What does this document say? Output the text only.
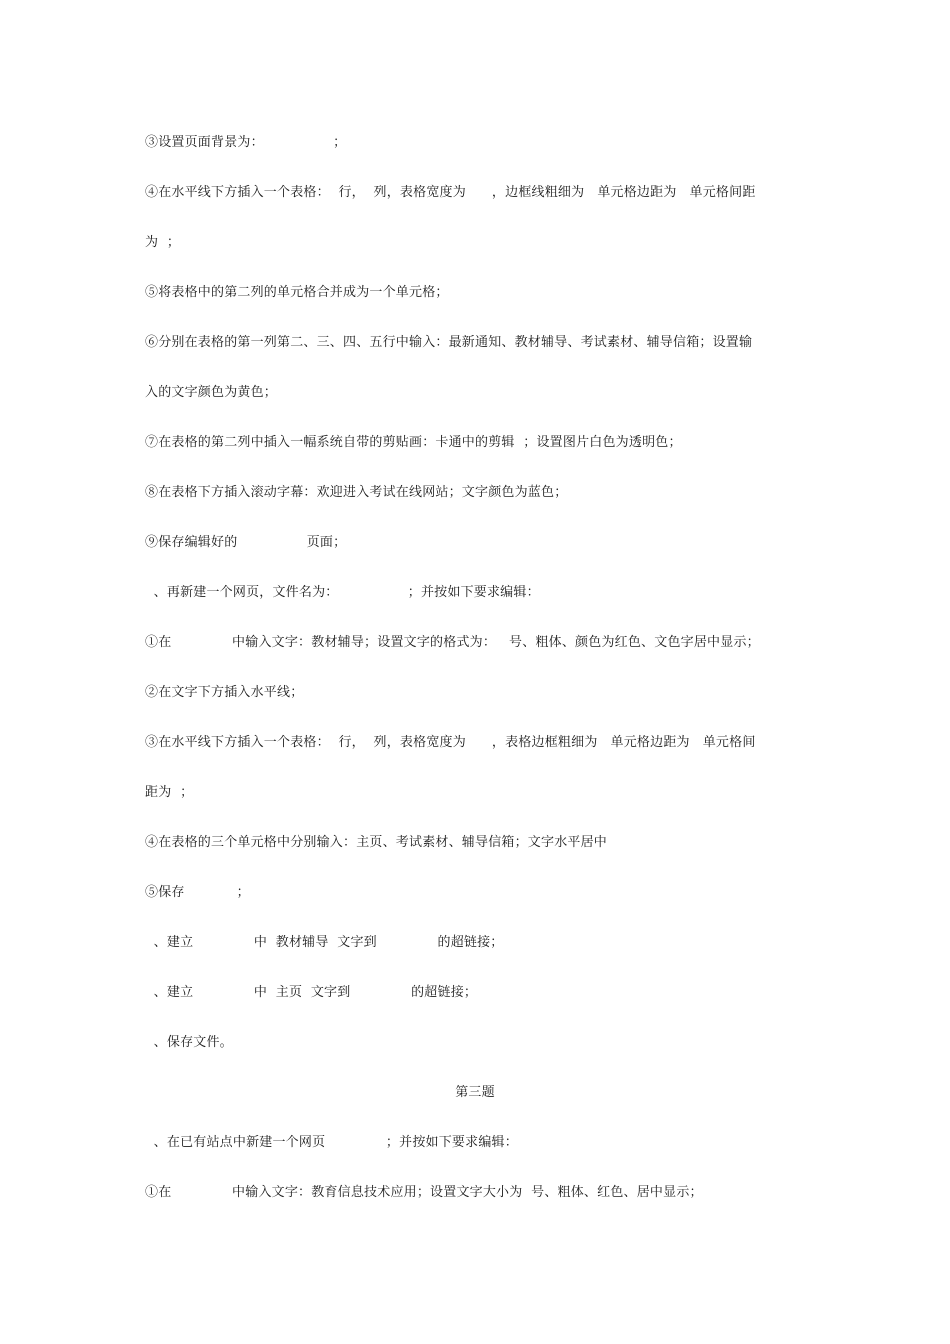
③设置页面背景为：                ；
④在水平线下方插入一个表格：  行，  列，表格宽度为      ，边框线粗细为   单元格边距为   单元格间距
为  ；
⑤将表格中的第二列的单元格合并成为一个单元格；
⑥分别在表格的第一列第二、三、四、五行中输入：最新通知、教材辅导、考试素材、辅导信箱；设置输
入的文字颜色为黄色；
⑦在表格的第二列中插入一幅系统自带的剪贴画：卡通中的剪辑  ；设置图片白色为透明色；
⑧在表格下方插入滚动字幕：欢迎进入考试在线网站；文字颜色为蓝色；
⑨保存编辑好的                页面；
、再新建一个网页，文件名为：                ；并按如下要求编辑：
①在              中输入文字：教材辅导；设置文字的格式为：   号、粗体、颜色为红色、文色字居中显示；
②在文字下方插入水平线；
③在水平线下方插入一个表格：  行，  列，表格宽度为      ，表格边框粗细为   单元格边距为   单元格间
距为  ；
④在表格的三个单元格中分别输入：主页、考试素材、辅导信箱；文字水平居中
⑤保存            ；
、建立              中  教材辅导  文字到              的超链接；
、建立              中  主页  文字到              的超链接；
、保存文件。
第三题
、在已有站点中新建一个网页              ；并按如下要求编辑：
①在              中输入文字：教育信息技术应用；设置文字大小为  号、粗体、红色、居中显示；
